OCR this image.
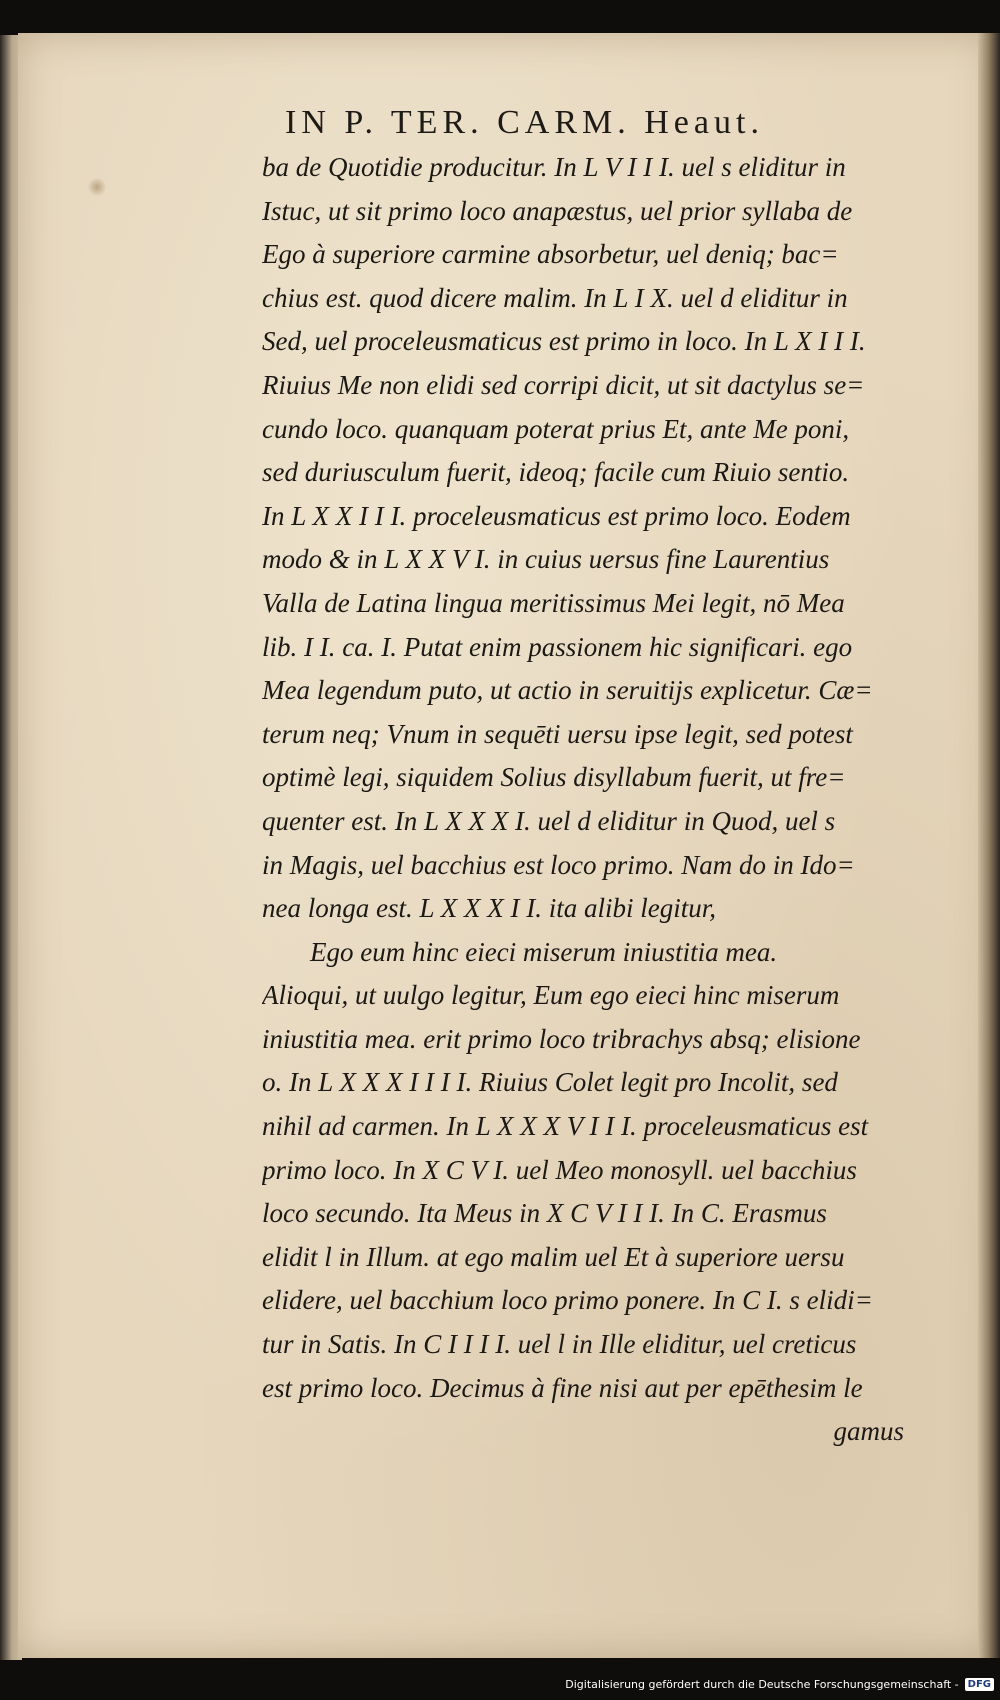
IN P. TER. CARM. Heaut.
ba de Quotidie producitur. In L V I I I. uel s eliditur in
Istuc, ut sit primo loco anapæstus, uel prior syllaba de
Ego à superiore carmine absorbetur, uel deniq; bac=
chius est. quod dicere malim. In L I X. uel d eliditur in
Sed, uel proceleusmaticus est primo in loco. In L X I I I.
Riuius Me non elidi sed corripi dicit, ut sit dactylus se=
cundo loco. quanquam poterat prius Et, ante Me poni,
sed duriusculum fuerit, ideoq; facile cum Riuio sentio.
In L X X I I I. proceleusmaticus est primo loco. Eodem
modo & in L X X V I. in cuius uersus fine Laurentius
Valla de Latina lingua meritissimus Mei legit, nō Mea
lib. I I. ca. I. Putat enim passionem hic significari. ego
Mea legendum puto, ut actio in seruitijs explicetur. Cæ=
terum neq; Vnum in sequēti uersu ipse legit, sed potest
optimè legi, siquidem Solius disyllabum fuerit, ut fre=
quenter est. In L X X X I. uel d eliditur in Quod, uel s
in Magis, uel bacchius est loco primo. Nam do in Ido=
nea longa est. L X X X I I. ita alibi legitur,
Ego eum hinc eieci miserum iniustitia mea.
Alioqui, ut uulgo legitur, Eum ego eieci hinc miserum
iniustitia mea. erit primo loco tribrachys absq; elisione
o. In L X X X I I I I. Riuius Colet legit pro Incolit, sed
nihil ad carmen. In L X X X V I I I. proceleusmaticus est
primo loco. In X C V I. uel Meo monosyll. uel bacchius
loco secundo. Ita Meus in X C V I I I. In C. Erasmus
elidit l in Illum. at ego malim uel Et à superiore uersu
elidere, uel bacchium loco primo ponere. In C I. s elidi=
tur in Satis. In C I I I I. uel l in Ille eliditur, uel creticus
est primo loco. Decimus à fine nisi aut per epēthesim le
gamus
Digitalisierung gefördert durch die Deutsche Forschungsgemeinschaft - DFG
